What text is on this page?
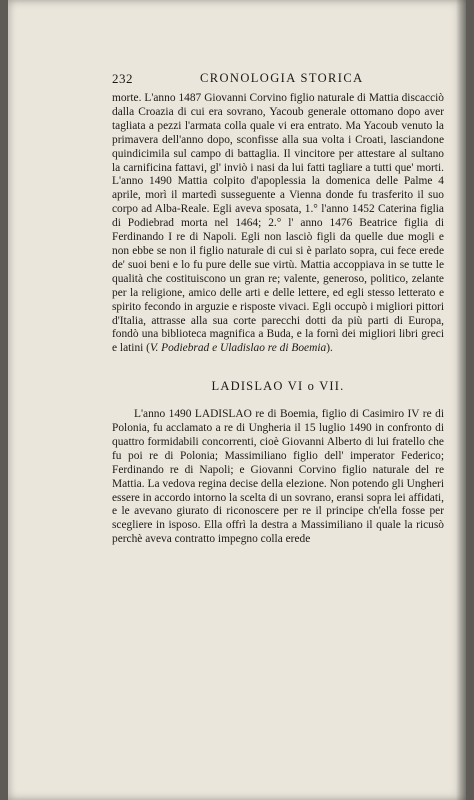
232	CRONOLOGIA STORICA

morte. L'anno 1487 Giovanni Corvino figlio naturale di Mattia discacciò dalla Croazia di cui era sovrano, Yacoub generale ottomano dopo aver tagliata a pezzi l'armata colla quale vi era entrato. Ma Yacoub venuto la primavera dell'anno dopo, sconfisse alla sua volta i Croati, lasciandone quindicimila sul campo di battaglia. Il vincitore per attestare al sultano la carnificina fattavi, gl' inviò i nasi da lui fatti tagliare a tutti que' morti. L'anno 1490 Mattia colpito d'apoplessia la domenica delle Palme 4 aprile, morì il martedì susseguente a Vienna donde fu trasferito il suo corpo ad Alba-Reale. Egli aveva sposata, 1.° l'anno 1452 Caterina figlia di Podiebrad morta nel 1464; 2.° l' anno 1476 Beatrice figlia di Ferdinando I re di Napoli. Egli non lasciò figli da quelle due mogli e non ebbe se non il figlio naturale di cui si è parlato sopra, cui fece erede de' suoi beni e lo fu pure delle sue virtù. Mattia accoppiava in se tutte le qualità che costituiscono un gran re; valente, generoso, politico, zelante per la religione, amico delle arti e delle lettere, ed egli stesso letterato e spirito fecondo in arguzie e risposte vivaci. Egli occupò i migliori pittori d'Italia, attrasse alla sua corte parecchi dotti da più parti di Europa, fondò una biblioteca magnifica a Buda, e la fornì dei migliori libri greci e latini (V. Podiebrad e Uladislao re di Boemia).

LADISLAO VI o VII.

L'anno 1490 LADISLAO re di Boemia, figlio di Casimiro IV re di Polonia, fu acclamato a re di Ungheria il 15 luglio 1490 in confronto di quattro formidabili concorrenti, cioè Giovanni Alberto di lui fratello che fu poi re di Polonia; Massimiliano figlio dell' imperator Federico; Ferdinando re di Napoli; e Giovanni Corvino figlio naturale del re Mattia. La vedova regina decise della elezione. Non potendo gli Ungheri essere in accordo intorno la scelta di un sovrano, eransi sopra lei affidati, e le avevano giurato di riconoscere per re il principe ch'ella fosse per scegliere in isposo. Ella offrì la destra a Massimiliano il quale la ricusò perchè aveva contratto impegno colla erede
